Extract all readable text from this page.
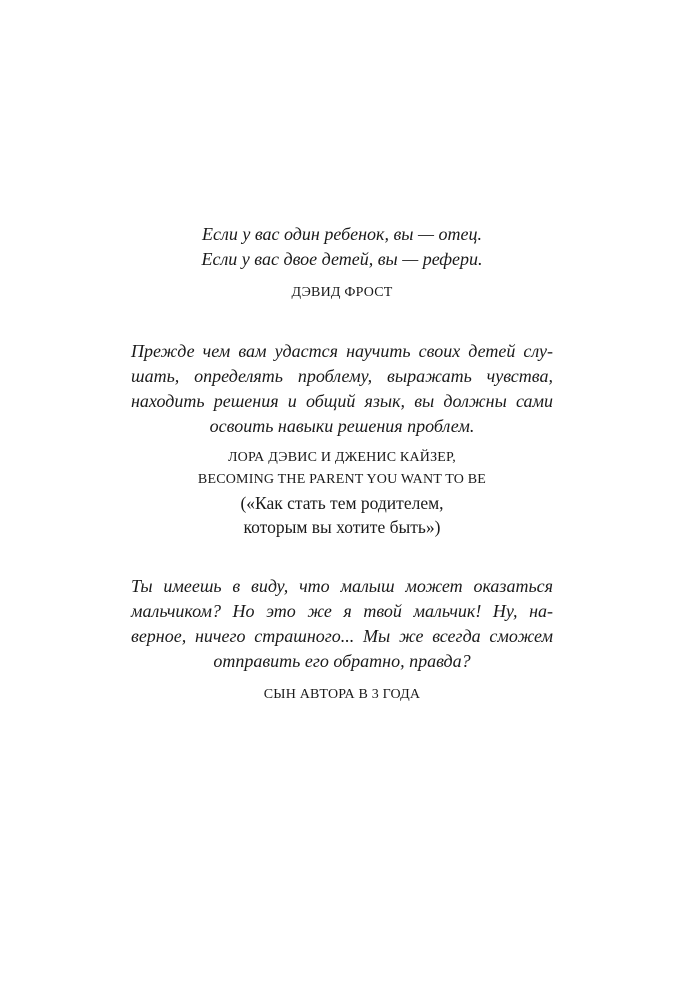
Если у вас один ребенок, вы — отец.
Если у вас двое детей, вы — рефери.

ДЭВИД ФРОСТ

Прежде чем вам удастся научить своих детей слу-
шать, определять проблему, выражать чувства,
находить решения и общий язык, вы должны сами
освоить навыки решения проблем.

ЛОРА ДЭВИС И ДЖЕНИС КАЙЗЕР,

BECOMING THE PARENT YOU WANT TO BE

(«Как стать тем родителем,

которым вы хотите быть»)

Ты имеешь в виду, что малыш может оказаться
мальчиком? Но это же я твой мальчик! Ну, на-
верное, ничего страшного... Мы же всегда сможем
отправить его обратно, правда?

СЫН АВТОРА В 3 ГОДА
